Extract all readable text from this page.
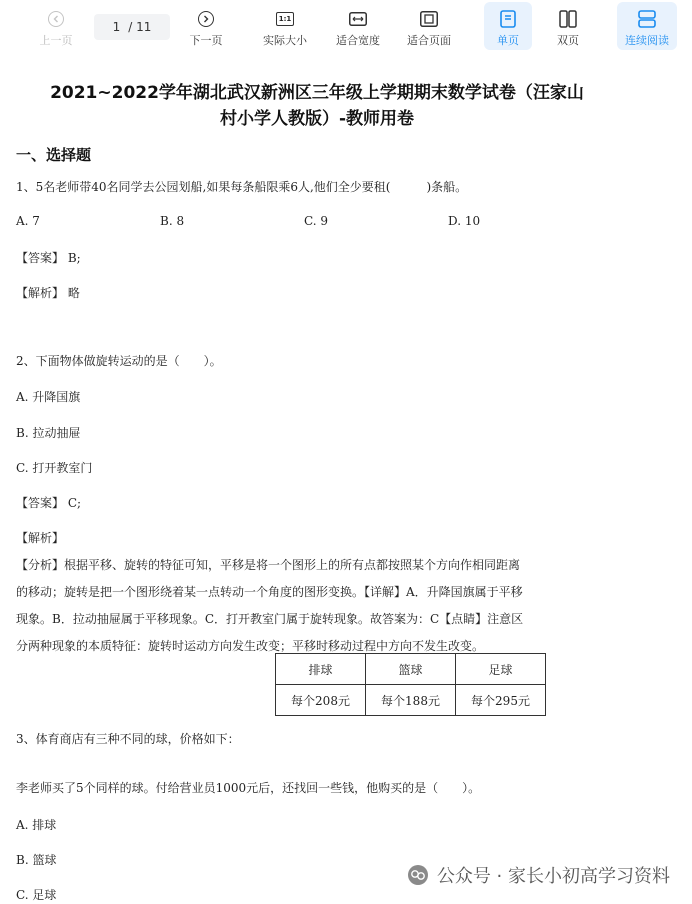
上一页
1 / 11
下一页
1:1
实际大小	适合宽度 适合页面	单页	双页	连续阅读
2021~2022学年湖北武汉新洲区三年级上学期期末数学试卷（汪家山
村小学人教版）-教师用卷
一、选择题
1、5名老师带40名同学去公园划船,如果每条船限乘6人,他们全少要租(　　　)条船。
A. 7	B. 8	C. 9	D. 10
【答案】 B;
【解析】 略
2、下面物体做旋转运动的是（　　）。
A. 升降国旗
B. 拉动抽屉
C. 打开教室门
【答案】 C;
【解析】
【分析】根据平移、旋转的特征可知，平移是将一个图形上的所有点都按照某个方向作相同距离
的移动；旋转是把一个图形绕着某一点转动一个角度的图形变换。【详解】A．升降国旗属于平移
现象。B．拉动抽屉属于平移现象。C．打开教室门属于旋转现象。故答案为：C【点睛】注意区
分两种现象的本质特征：旋转时运动方向发生改变；平移时移动过程中方向不发生改变。
3、体育商店有三种不同的球，价格如下：
排球	篮球	足球
每个208元	每个188元	每个295元
李老师买了5个同样的球。付给营业员1000元后，还找回一些钱，他购买的是（　　）。
A. 排球
B. 篮球
C. 足球
公众号 · 家长小初高学习资料
